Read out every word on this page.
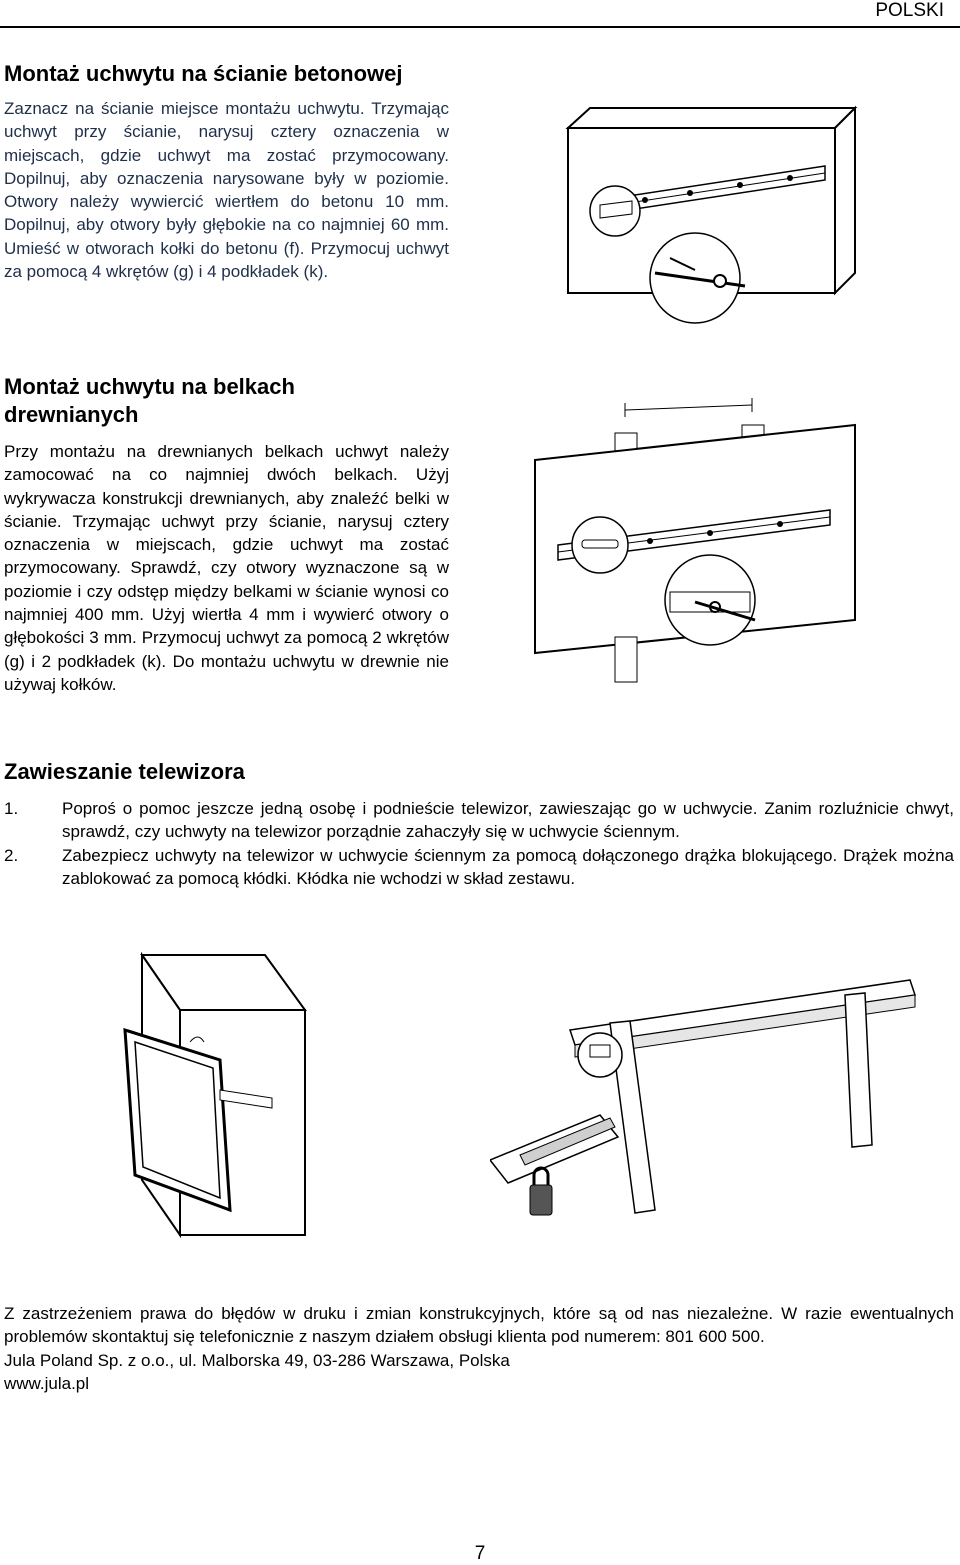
POLSKI
Montaż uchwytu na ścianie betonowej

Zaznacz na ścianie miejsce montażu uchwytu. Trzymając uchwyt przy ścianie, narysuj cztery oznaczenia w miejscach, gdzie uchwyt ma zostać przymocowany. Dopilnuj, aby oznaczenia narysowane były w poziomie. Otwory należy wywiercić wiertłem do betonu 10 mm. Dopilnuj, aby otwory były głębokie na co najmniej 60 mm. Umieść w otworach kołki do betonu (f). Przymocuj uchwyt za pomocą 4 wkrętów (g) i 4 podkładek (k).

Montaż uchwytu na belkach
drewnianych

Przy montażu na drewnianych belkach uchwyt należy zamocować na co najmniej dwóch belkach. Użyj wykrywacza konstrukcji drewnianych, aby znaleźć belki w ścianie. Trzymając uchwyt przy ścianie, narysuj cztery oznaczenia w miejscach, gdzie uchwyt ma zostać przymocowany. Sprawdź, czy otwory wyznaczone są w poziomie i czy odstęp między belkami w ścianie wynosi co najmniej 400 mm. Użyj wiertła 4 mm i wywierć otwory o głębokości 3 mm. Przymocuj uchwyt za pomocą 2 wkrętów (g) i 2 podkładek (k). Do montażu uchwytu w drewnie nie używaj kołków.

Zawieszanie telewizora
1.	Poproś o pomoc jeszcze jedną osobę i podnieście telewizor, zawieszając go w uchwycie. Zanim rozluźnicie chwyt, sprawdź, czy uchwyty na telewizor porządnie zahaczyły się w uchwycie ściennym.
2.	Zabezpiecz uchwyty na telewizor w uchwycie ściennym za pomocą dołączonego drążka blokującego. Drążek można zablokować za pomocą kłódki. Kłódka nie wchodzi w skład zestawu.
Z zastrzeżeniem prawa do błędów w druku i zmian konstrukcyjnych, które są od nas niezależne. W razie ewentualnych problemów skontaktuj się telefonicznie z naszym działem obsługi klienta pod numerem: 801 600 500.
Jula Poland Sp. z o.o., ul. Malborska 49, 03-286 Warszawa, Polska
www.jula.pl
7
